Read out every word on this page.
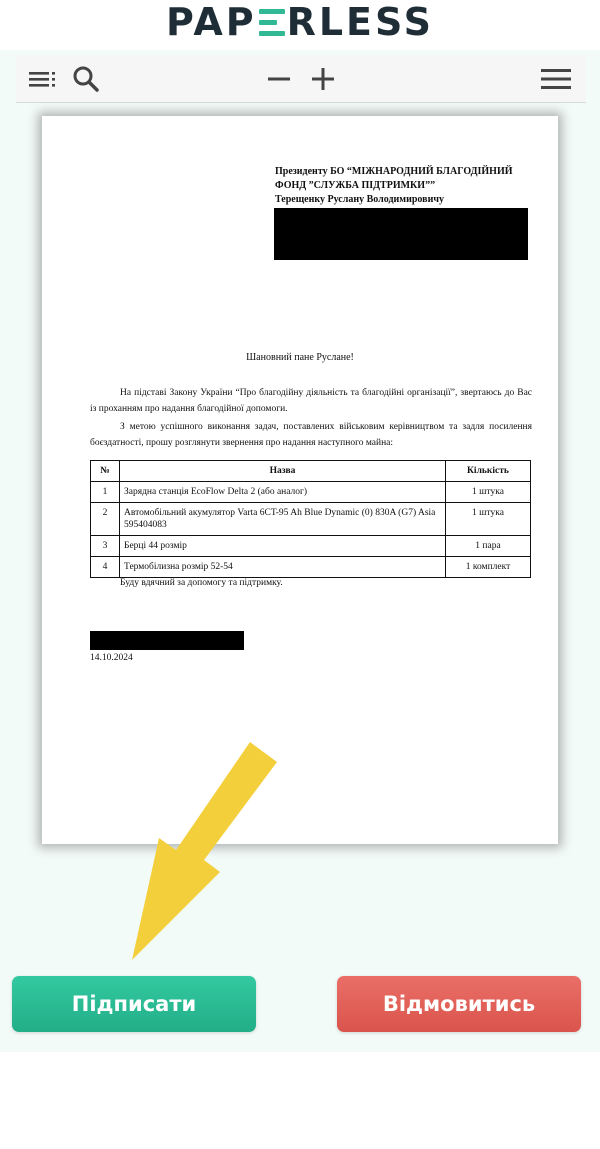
PAP RLESS
Президенту БО “МІЖНАРОДНИЙ БЛАГОДІЙНИЙ
ФОНД ”СЛУЖБА ПІДТРИМКИ””
Терещенку Руслану Володимировичу
Шановний пане Руслане!
На підставі Закону України “Про благодійну діяльність та благодійні організації”, звертаюсь до Вас із проханням про надання благодійної допомоги.
З метою успішного виконання задач, поставлених військовим керівництвом та задля посилення боєздатності, прошу розглянути звернення про надання наступного майна:
№	Назва	Кількість
1	Зарядна станція EcoFlow Delta 2 (або аналог)	1 штука
2	Автомобільний акумулятор Varta 6CT-95 Ah Blue Dynamic (0) 830A (G7) Asia 595404083	1 штука
3	Берці 44 розмір	1 пара
4	Термобілизна розмір 52-54	1 комплект
Буду вдячний за допомогу та підтримку.
14.10.2024
Підписати	Відмовитись
